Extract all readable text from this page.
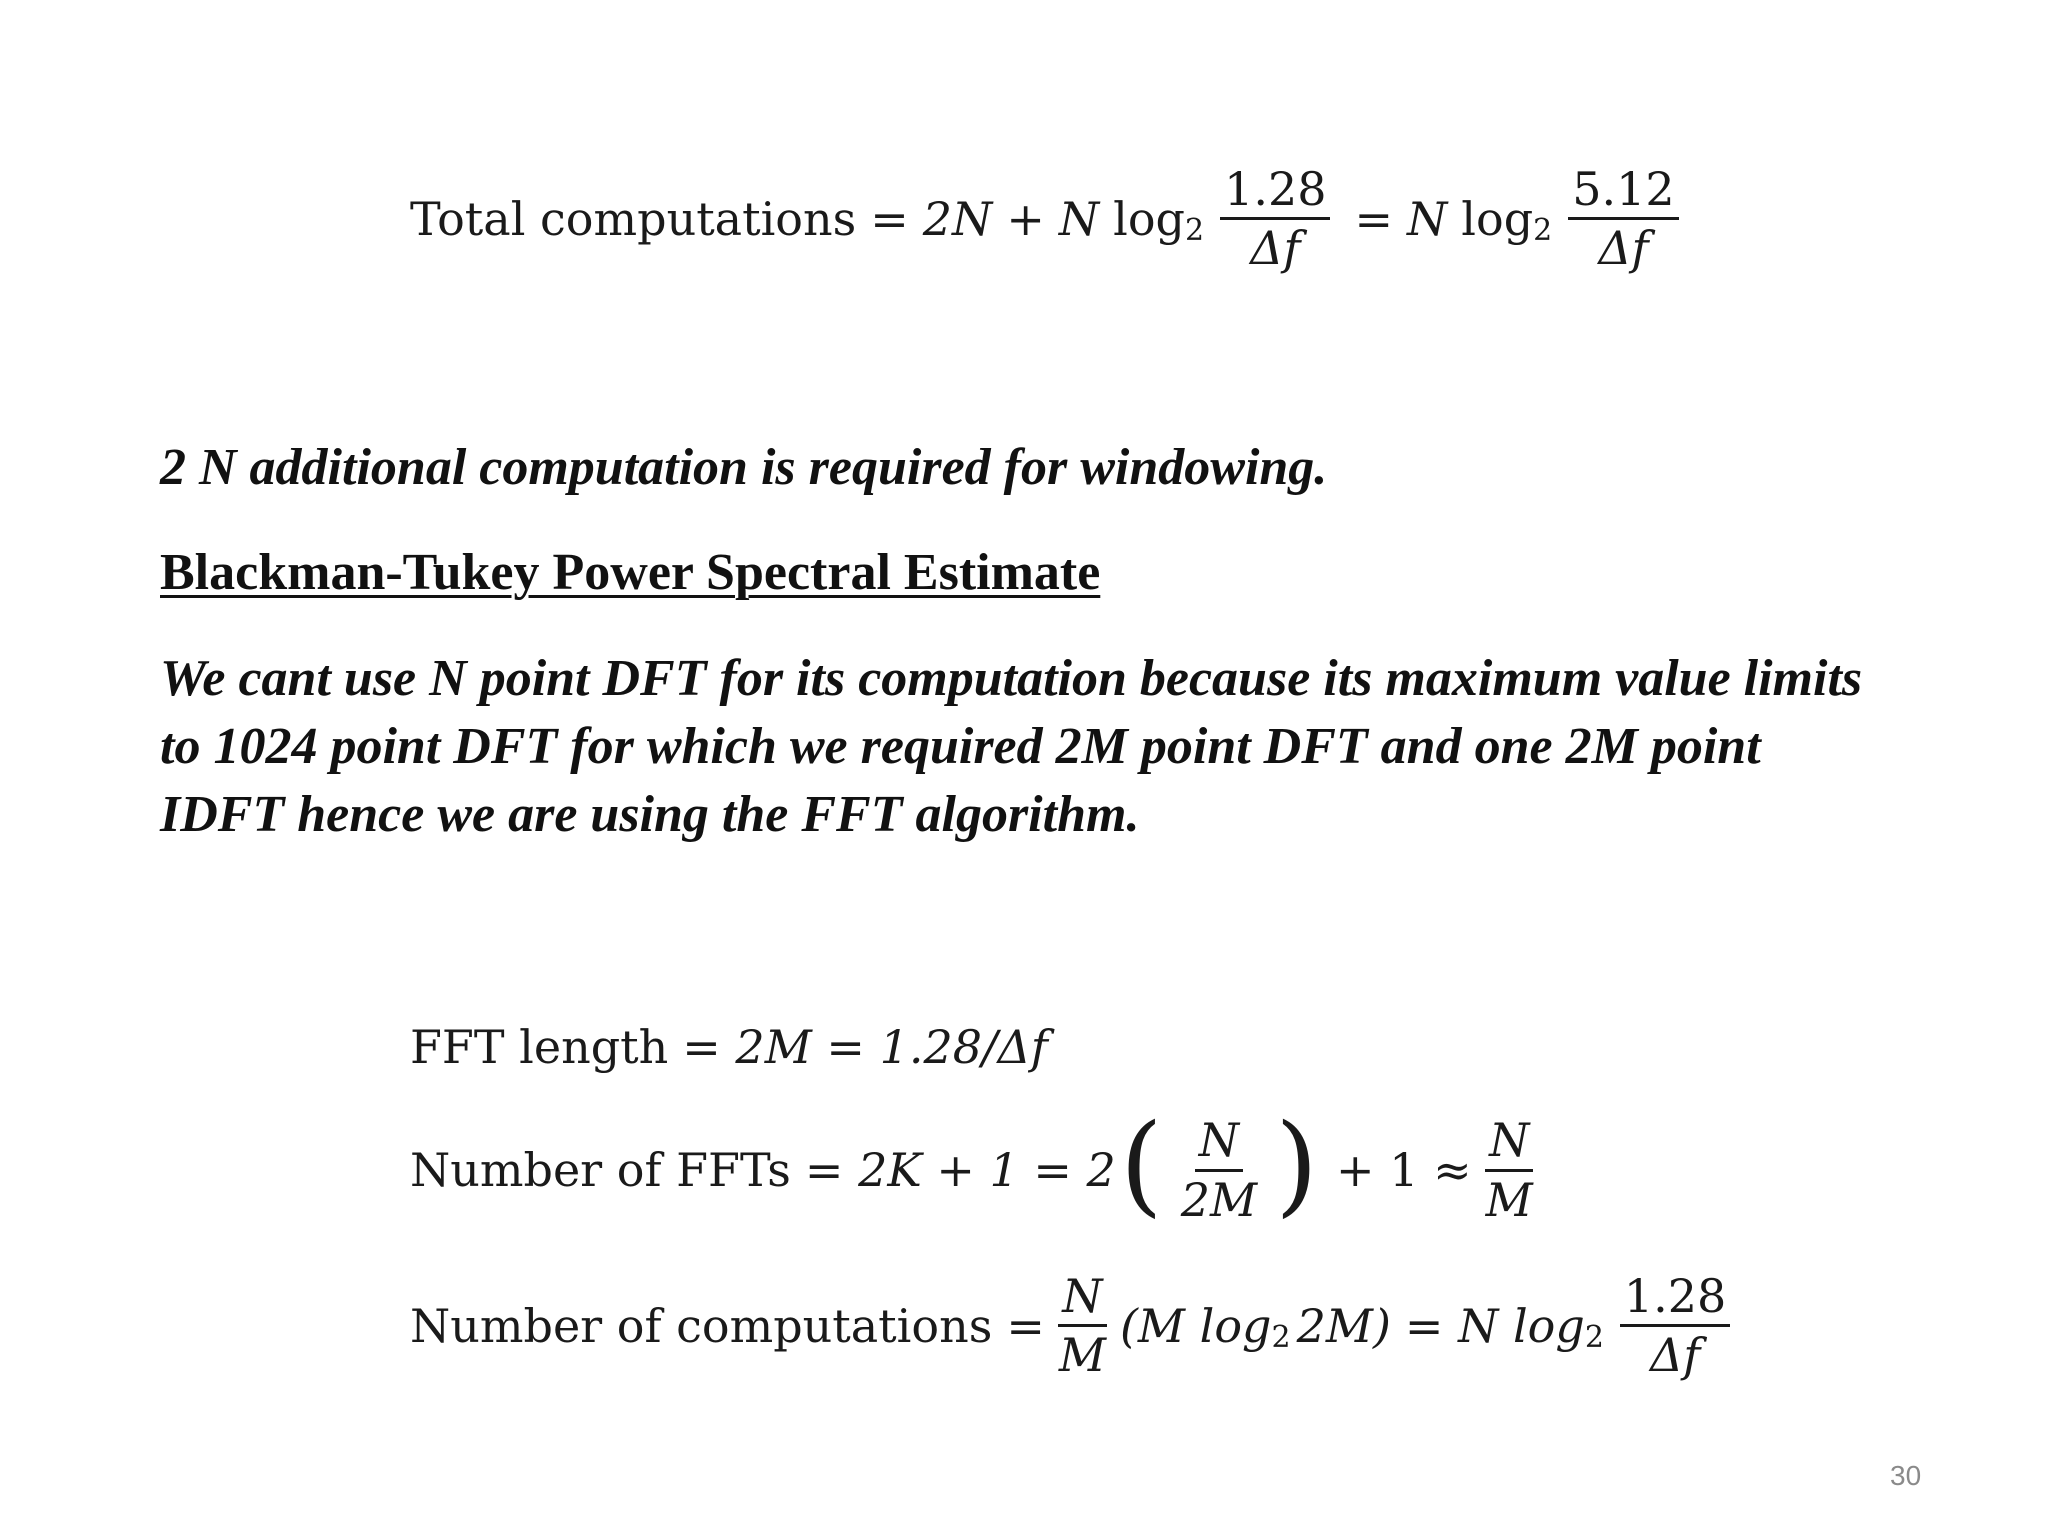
Total computations = 2N + N $\log 2 \frac{1.28}{\Delta f} = N$ $\log 2 \frac{5.12}{\Delta f}$
2 N additional computation is required for windowing.
Blackman-Tukey Power Spectral Estimate
We cant use N point DFT for its computation because its maximum value limits
to 1024 point DFT for which we required 2M point DFT and one 2M point
IDFT hence we are using the FFT algorithm.
FFT length = 2M = 1.28/Δf
Number of FFTs = 2K + 1 = 2 ( $\frac{N}{2M}$ ) + $1 \approx \frac{N}{M}$
Number of computations = $\frac{N}{M} (M$ log 2 2M) = N $\log 2 \frac{1.28}{\Delta f}$
30
